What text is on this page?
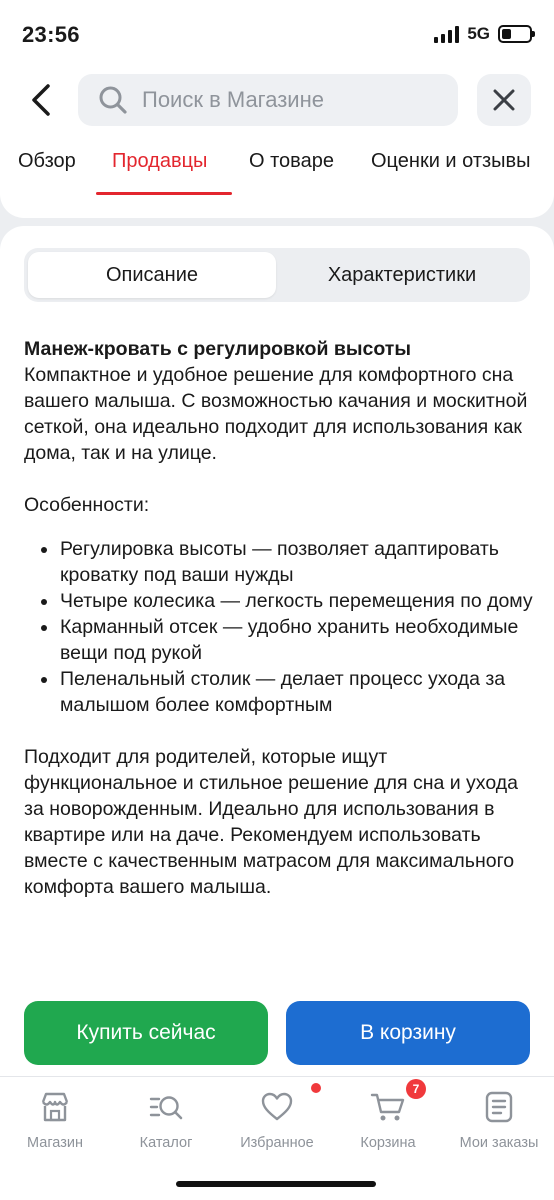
23:56	5G
Поиск в Магазине
Обзор Продавцы О товаре Оценки и отзывы
Описание	Характеристики
Манеж-кровать с регулировкой высоты

Компактное и удобное решение для комфортного сна вашего малыша. С возможностью качания и москитной сеткой, она идеально подходит для использования как дома, так и на улице.

Особенности:

Регулировка высоты — позволяет адаптировать кроватку под ваши нужды
Четыре колесика — легкость перемещения по дому
Карманный отсек — удобно хранить необходимые вещи под рукой
Пеленальный столик — делает процесс ухода за малышом более комфортным

Подходит для родителей, которые ищут функциональное и стильное решение для сна и ухода за новорожденным. Идеально для использования в квартире или на даче. Рекомендуем использовать вместе с качественным матрасом для максимального комфорта вашего малыша.

Купить сейчас	В корзину
Магазин	Каталог	Избранное
7
Корзина	Мои заказы
